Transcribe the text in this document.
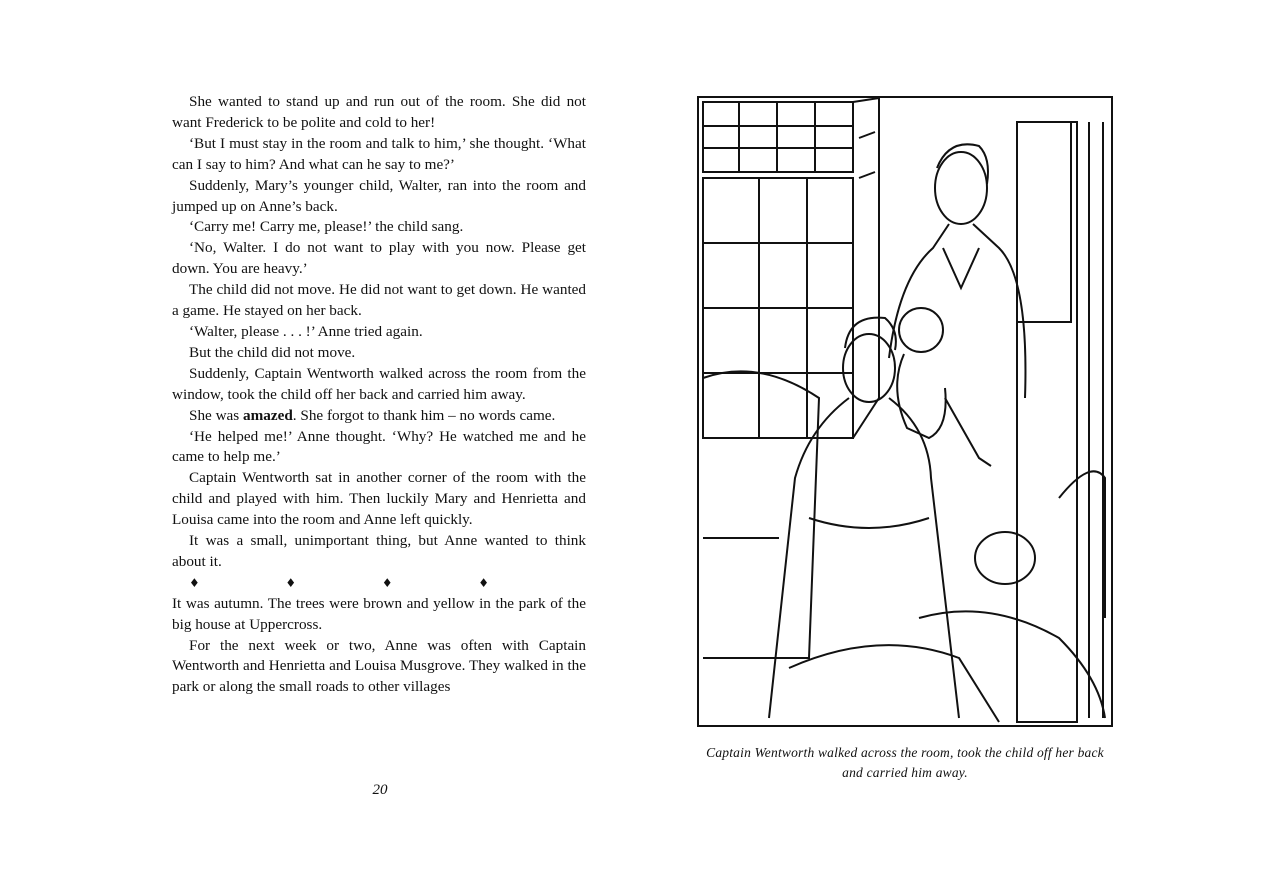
She wanted to stand up and run out of the room. She did not want Frederick to be polite and cold to her!

‘But I must stay in the room and talk to him,’ she thought. ‘What can I say to him? And what can he say to me?’

Suddenly, Mary’s younger child, Walter, ran into the room and jumped up on Anne’s back.

‘Carry me! Carry me, please!’ the child sang.

‘No, Walter. I do not want to play with you now. Please get down. You are heavy.’

The child did not move. He did not want to get down. He wanted a game. He stayed on her back.

‘Walter, please . . . !’ Anne tried again.

But the child did not move.

Suddenly, Captain Wentworth walked across the room from the window, took the child off her back and carried him away.

She was amazed. She forgot to thank him – no words came.

‘He helped me!’ Anne thought. ‘Why? He watched me and he came to help me.’

Captain Wentworth sat in another corner of the room with the child and played with him. Then luckily Mary and Henrietta and Louisa came into the room and Anne left quickly.

It was a small, unimportant thing, but Anne wanted to think about it.

♦	♦	♦	♦

It was autumn. The trees were brown and yellow in the park of the big house at Uppercross.

For the next week or two, Anne was often with Captain Wentworth and Henrietta and Louisa Musgrove. They walked in the park or along the small roads to other villages

20
Captain Wentworth walked across the room, took the child off her back
and carried him away.
